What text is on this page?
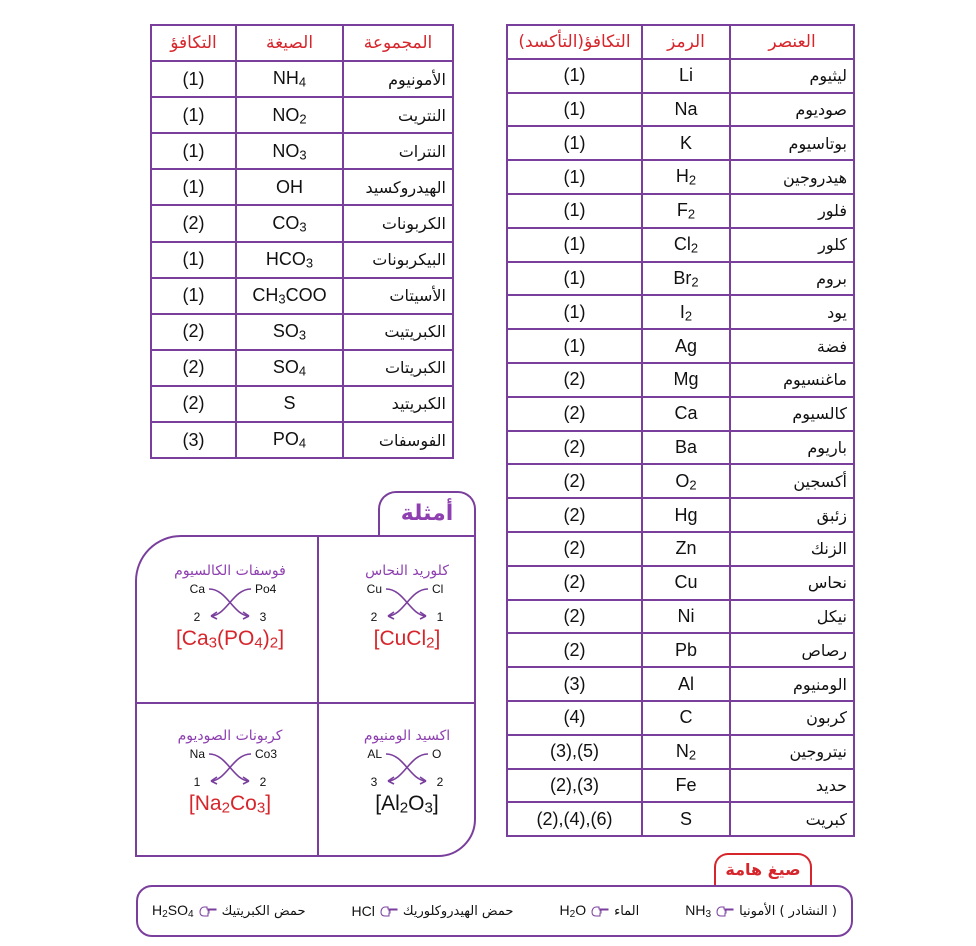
العنصر	الرمز	التكافؤ(التأكسد)
ليثيوم	Li	(1)
صوديوم	Na	(1)
بوتاسيوم	K	(1)
هيدروجين	$H_2$	(1)
فلور	$F_2$	(1)
كلور	$Cl_2$	(1)
بروم	$Br_2$	(1)
يود	$I_2$	(1)
فضة	Ag	(1)
ماغنسيوم	Mg	(2)
كالسيوم	Ca	(2)
باريوم	Ba	(2)
أكسجين	$O_2$	(2)
زئبق	Hg	(2)
الزنك	Zn	(2)
نحاس	Cu	(2)
نيكل	Ni	(2)
رصاص	Pb	(2)
الومنيوم	Al	(3)
كربون	C	(4)
نيتروجين	$N_2$	(3),(5)
حديد	Fe	(2),(3)
كبريت	S	(2),(4),(6)
المجموعة	الصيغة	التكافؤ
الأمونيوم	$NH_4$	(1)
النتريت	$NO_2$	(1)
النترات	$NO_3$	(1)
الهيدروكسيد	OH	(1)
الكربونات	$CO_3$	(2)
البيكربونات	$HCO_3$	(1)
الأسيتات	$CH_3COO$	(1)
الكبريتيت	$SO_3$	(2)
الكبريتات	$SO_4$	(2)
الكبريتيد	S	(2)
الفوسفات	$PO_4$	(3)
أمثلة
كلوريد النحاس
Cu	Cl
2	1
[CuCl$_2$]
فوسفات الكالسيوم
Ca	Po4
2	3
$[Ca_3(PO_4)_2]$
اكسيد الومنيوم
AL	O
3	2
$[Al_2O_3]$
كربونات الصوديوم
Na	Co3
1	2
$[Na_2Co_3]$
صيغ هامة
( النشادر ) الأمونيا
$NH_3$
الماء
$H_2O$
حمض الهيدروكلوريك
HCl
حمض الكبريتيك
$H_2SO_4$
